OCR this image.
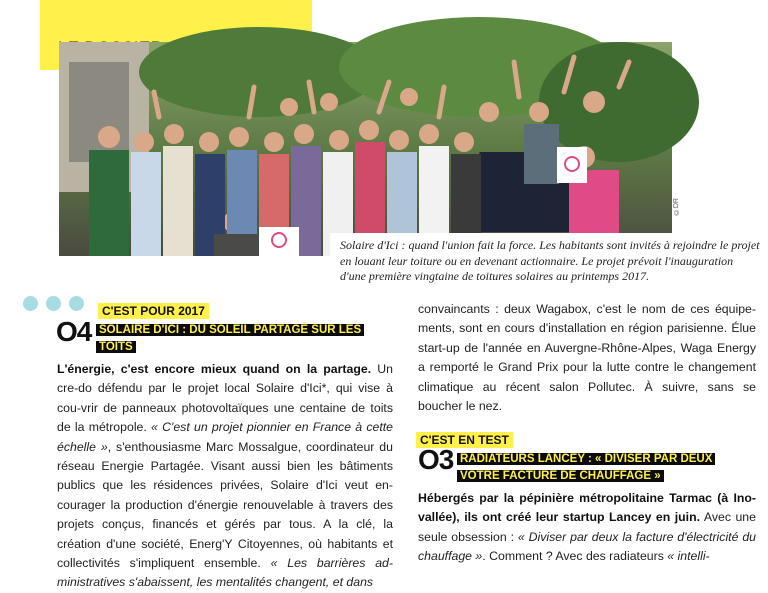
©DR
Solaire d'Ici : quand l'union fait la force. Les habitants sont invités à rejoindre le projet en louant leur toiture ou en devenant actionnaire. Le projet prévoit l'inauguration d'une première vingtaine de toitures solaires au printemps 2017.
C'EST POUR 2017
O4 SOLAIRE D'ICI : DU SOLEIL PARTAGÉ SUR LES
TOITS
L'énergie, c'est encore mieux quand on la partage. Un cre-do défendu par le projet local Solaire d'Ici*, qui vise à cou-vrir de panneaux photovoltaïques une centaine de toits de la métropole. « C'est un projet pionnier en France à cette échelle », s'enthousiasme Marc Mossalgue, coordinateur du réseau Energie Partagée. Visant aussi bien les bâtiments publics que les résidences privées, Solaire d'Ici veut en-courager la production d'énergie renouvelable à travers des projets conçus, financés et gérés par tous. A la clé, la création d'une société, Energ'Y Citoyennes, où habitants et collectivités s'impliquent ensemble. « Les barrières ad-ministratives s'abaissent, les mentalités changent, et dans
convaincants : deux Wagabox, c'est le nom de ces équipe-ments, sont en cours d'installation en région parisienne. Élue start-up de l'année en Auvergne-Rhône-Alpes, Waga Energy a remporté le Grand Prix pour la lutte contre le changement climatique au récent salon Pollutec. À suivre, sans se boucher le nez.
C'EST EN TEST
O3 RADIATEURS LANCEY : « DIVISER PAR DEUX
VOTRE FACTURE DE CHAUFFAGE »
Hébergés par la pépinière métropolitaine Tarmac (à Ino-vallée), ils ont créé leur startup Lancey en juin. Avec une seule obsession : « Diviser par deux la facture d'électricité du chauffage ». Comment ? Avec des radiateurs « intelli-
